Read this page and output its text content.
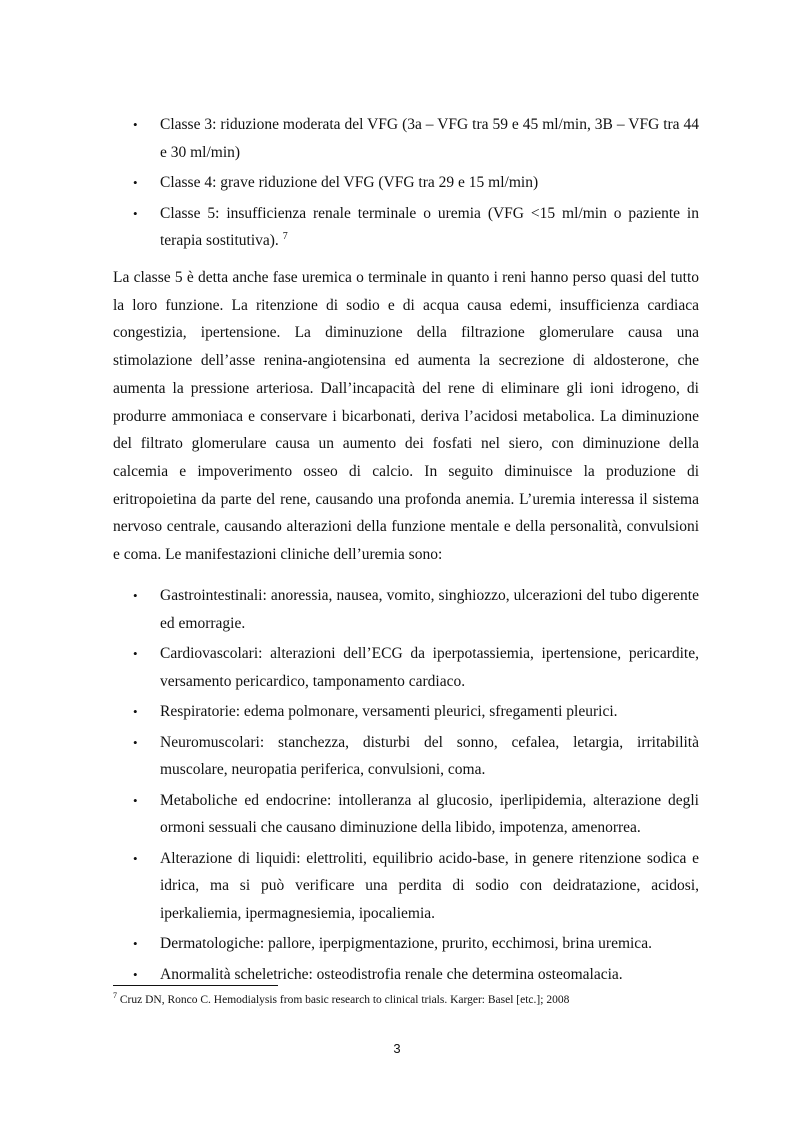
• Classe 3: riduzione moderata del VFG (3a – VFG tra 59 e 45 ml/min, 3B – VFG tra 44 e 30 ml/min)
• Classe 4: grave riduzione del VFG (VFG tra 29 e 15 ml/min)
• Classe 5: insufficienza renale terminale o uremia (VFG <15 ml/min o paziente in terapia sostitutiva). $^7$

La classe 5 è detta anche fase uremica o terminale in quanto i reni hanno perso quasi del tutto la loro funzione. La ritenzione di sodio e di acqua causa edemi, insufficienza cardiaca congestizia, ipertensione. La diminuzione della filtrazione glomerulare causa una stimolazione dell’asse renina-angiotensina ed aumenta la secrezione di aldosterone, che aumenta la pressione arteriosa. Dall’incapacità del rene di eliminare gli ioni idrogeno, di produrre ammoniaca e conservare i bicarbonati, deriva l’acidosi metabolica. La diminuzione del filtrato glomerulare causa un aumento dei fosfati nel siero, con diminuzione della calcemia e impoverimento osseo di calcio. In seguito diminuisce la produzione di eritropoietina da parte del rene, causando una profonda anemia. L’uremia interessa il sistema nervoso centrale, causando alterazioni della funzione mentale e della personalità, convulsioni e coma. Le manifestazioni cliniche dell’uremia sono:

• Gastrointestinali: anoressia, nausea, vomito, singhiozzo, ulcerazioni del tubo digerente ed emorragie.
• Cardiovascolari: alterazioni dell’ECG da iperpotassiemia, ipertensione, pericardite, versamento pericardico, tamponamento cardiaco.
• Respiratorie: edema polmonare, versamenti pleurici, sfregamenti pleurici.
• Neuromuscolari: stanchezza, disturbi del sonno, cefalea, letargia, irritabilità muscolare, neuropatia periferica, convulsioni, coma.
• Metaboliche ed endocrine: intolleranza al glucosio, iperlipidemia, alterazione degli ormoni sessuali che causano diminuzione della libido, impotenza, amenorrea.
• Alterazione di liquidi: elettroliti, equilibrio acido-base, in genere ritenzione sodica e idrica, ma si può verificare una perdita di sodio con deidratazione, acidosi, iperkaliemia, ipermagnesiemia, ipocaliemia.
• Dermatologiche: pallore, iperpigmentazione, prurito, ecchimosi, brina uremica.
• Anormalità scheletriche: osteodistrofia renale che determina osteomalacia.
$^7$ Cruz DN, Ronco C. Hemodialysis from basic research to clinical trials. Karger: Basel [etc.]; 2008
3
